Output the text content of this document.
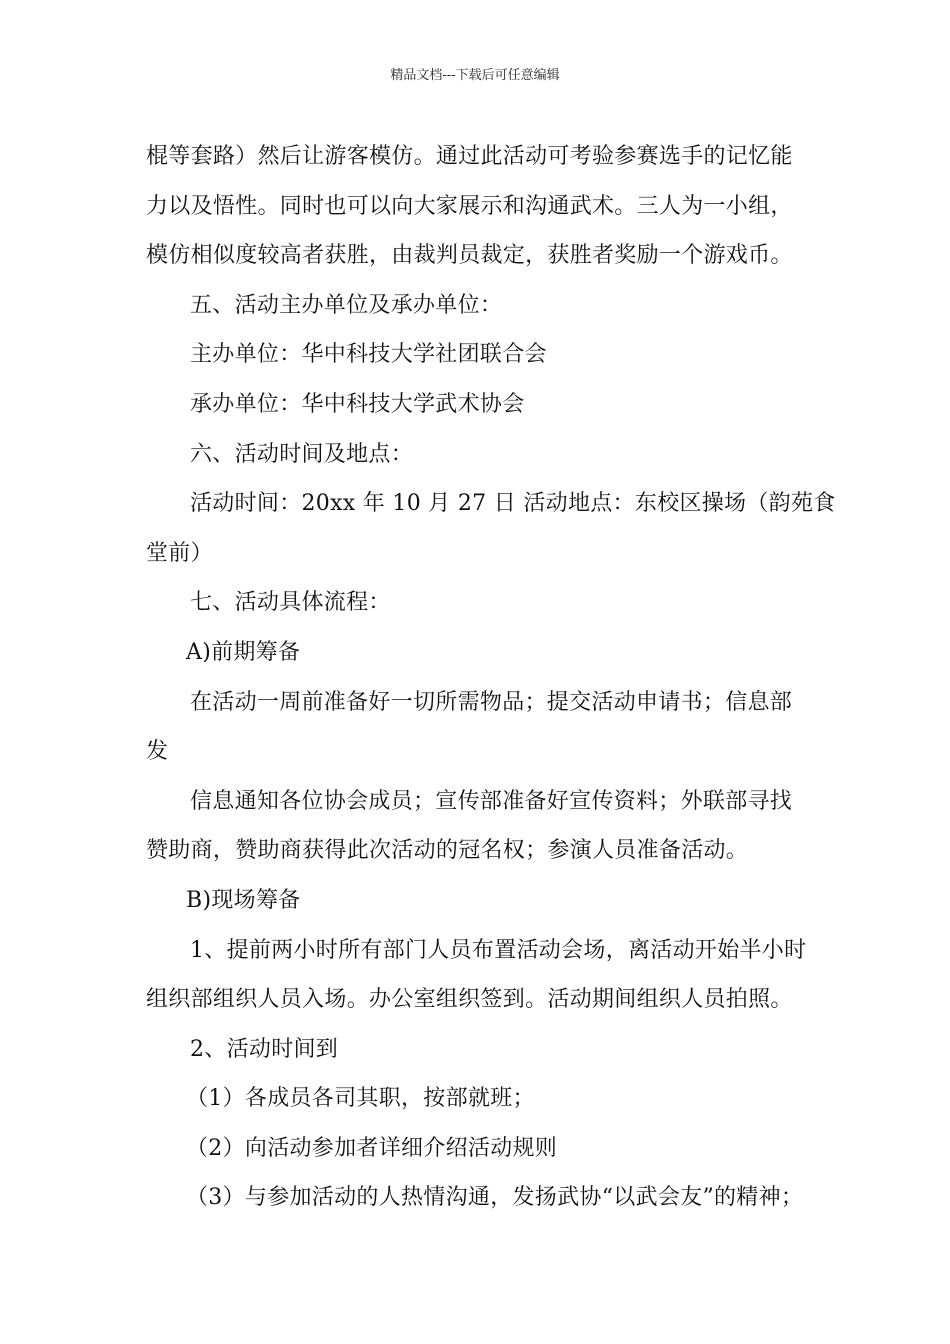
精品文档---下载后可任意编辑

棍等套路）然后让游客模仿。通过此活动可考验参赛选手的记忆能

力以及悟性。同时也可以向大家展示和沟通武术。三人为一小组，

模仿相似度较高者获胜，由裁判员裁定，获胜者奖励一个游戏币。

五、活动主办单位及承办单位：

主办单位：华中科技大学社团联合会

承办单位：华中科技大学武术协会

六、活动时间及地点：

活动时间：20xx 年 10 月 27 日 活动地点：东校区操场（韵苑食

堂前）

七、活动具体流程：

A)前期筹备

在活动一周前准备好一切所需物品；提交活动申请书；信息部

发

信息通知各位协会成员；宣传部准备好宣传资料；外联部寻找

赞助商，赞助商获得此次活动的冠名权；参演人员准备活动。

B)现场筹备

1、提前两小时所有部门人员布置活动会场，离活动开始半小时

组织部组织人员入场。办公室组织签到。活动期间组织人员拍照。

2、活动时间到

（1）各成员各司其职，按部就班；

（2）向活动参加者详细介绍活动规则

（3）与参加活动的人热情沟通，发扬武协“以武会友”的精神；
